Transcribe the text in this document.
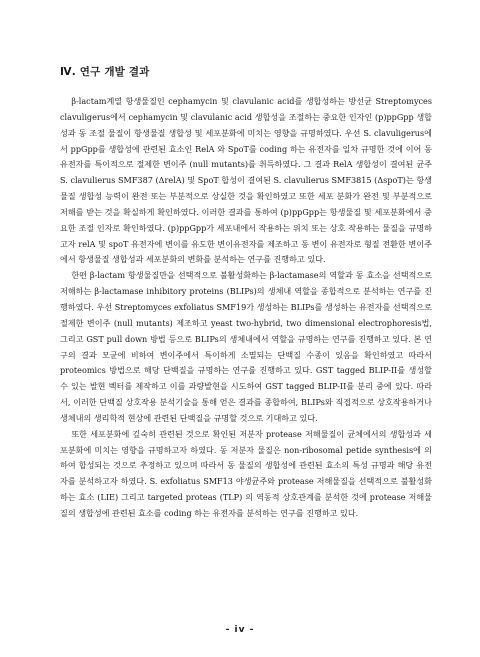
Ⅳ. 연구 개발 결과

β-lactam계열 항생물질인 cephamycin 및 clavulanic acid를 생합성하는 방선균 Streptomyces clavuligerus에서 cephamycin 및 clavulanic acid 생합성을 조절하는 중요한 인자인 (p)ppGpp 생합성과 동 조절 물질이 항생물질 생합성 및 세포분화에 미치는 영향을 규명하였다. 우선 S. clavuligerus에서 ppGpp를 생합성에 관련된 효소인 RelA 와 SpoT를 coding 하는 유전자를 일차 규명한 것에 이어 동 유전자를 특이적으로 절제한 변이주 (null mutants)를 취득하였다. 그 결과 RelA 생합성이 결여된 균주 S. clavulierus SMF387 (ΔrelA) 및 SpoT 합성이 결여된 S. clavulierus SMF3815 (ΔspoT)는 항생물질 생합성 능력이 완전 또는 부분적으로 상실한 것을 확인하였고 또한 세포 분화가 완전 및 부분적으로 저해를 받는 것을 확실하게 확인하였다. 이러한 결과를 통하여 (p)ppGpp는 항생물질 및 세포분화에서 중요한 조절 인자로 확인하였다. (p)ppGpp가 세포내에서 작용하는 위치 또는 상호 작용하는 물질을 규명하고자 relA 및 spoT 유전자에 변이를 유도한 변이유전자를 제조하고 동 변이 유전자로 형질 전환한 변이주에서 항생물질 생합성과 세포분화의 변화를 분석하는 연구를 진행하고 있다.

한편 β-lactam 항생물질만을 선택적으로 불활성화하는 β-lactamase의 역할과 동 효소을 선택적으로 저해하는 β-lactamase inhibitory proteins (BLIPs)의 생체내 역할을 종합적으로 분석하는 연구를 진행하였다. 우선 Streptomyces exfoliatus SMF19가 생성하는 BLIPs를 생성하는 유전자를 선택적으로 절제한 변이주 (null mutants) 제조하고 yeast two-hybrid, two dimensional electrophoresis법, 그리고 GST pull down 방법 등으로 BLIPs의 생체내에서 역할을 규명하는 연구를 진행하고 있다. 본 연구의 결과 모균에 비하여 변이주에서 특이하게 소멸되는 단백질 수종이 있음을 확인하였고 따라서 proteomics 방법으로 해당 단백질을 규명하는 연구를 진행하고 있다. GST tagged BLIP-II를 생성할 수 있는 발현 벡터를 제작하고 이를 과량발현을 시도하여 GST tagged BLIP-II를 분리 중에 있다. 따라서, 이러한 단백질 상호작용 분석기술을 통해 얻은 결과를 종합하여, BLIPs와 직접적으로 상호작용하거나 생체내의 생리학적 현상에 관련된 단백질을 규명할 것으로 기대하고 있다.

또한 세포분화에 깊숙히 관련된 것으로 확인된 저분자 protease 저해물질이 균체에서의 생합성과 세포분화에 미치는 영향을 규명하고자 하였다. 동 저분자 물질은 non-ribosomal petide synthesis에 의하여 합성되는 것으로 추정하고 있으며 따라서 동 물질의 생합성에 관련된 효소의 특성 규명과 해당 유전자를 분석하고자 하였다. S. exfoliatus SMF13 야생균주와 protease 저해물질을 선택적으로 불활성화 하는 효소 (LIE) 그리고 targeted proteas (TLP) 의 역동적 상호관계를 분석한 것에 protease 저해물질의 생합성에 관련된 효소를 coding 하는 유전자를 분석하는 연구를 진행하고 있다.

- iv -
